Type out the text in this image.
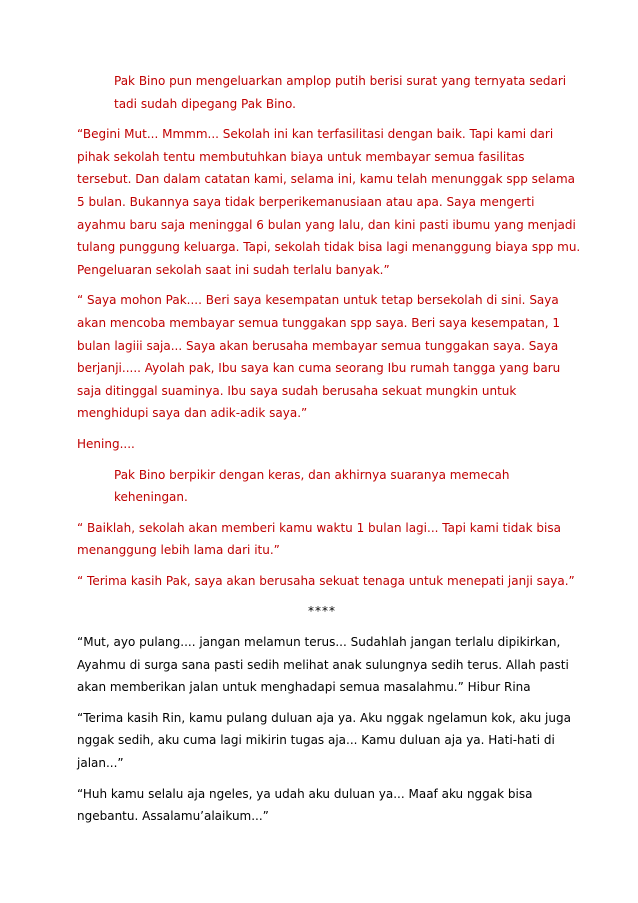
Pak Bino pun mengeluarkan amplop putih berisi surat yang ternyata sedari
tadi sudah dipegang Pak Bino.

“Begini Mut... Mmmm... Sekolah ini kan terfasilitasi dengan baik. Tapi kami dari
pihak sekolah tentu membutuhkan biaya untuk membayar semua fasilitas
tersebut. Dan dalam catatan kami, selama ini, kamu telah menunggak spp selama
5 bulan. Bukannya saya tidak berperikemanusiaan atau apa. Saya mengerti
ayahmu baru saja meninggal 6 bulan yang lalu, dan kini pasti ibumu yang menjadi
tulang punggung keluarga. Tapi, sekolah tidak bisa lagi menanggung biaya spp mu.
Pengeluaran sekolah saat ini sudah terlalu banyak.”

“ Saya mohon Pak.... Beri saya kesempatan untuk tetap bersekolah di sini. Saya
akan mencoba membayar semua tunggakan spp saya. Beri saya kesempatan, 1
bulan lagiii saja... Saya akan berusaha membayar semua tunggakan saya. Saya
berjanji..... Ayolah pak, Ibu saya kan cuma seorang Ibu rumah tangga yang baru
saja ditinggal suaminya. Ibu saya sudah berusaha sekuat mungkin untuk
menghidupi saya dan adik-adik saya.”

Hening....

Pak Bino berpikir dengan keras, dan akhirnya suaranya memecah
keheningan.

“ Baiklah, sekolah akan memberi kamu waktu 1 bulan lagi... Tapi kami tidak bisa
menanggung lebih lama dari itu.”

“ Terima kasih Pak, saya akan berusaha sekuat tenaga untuk menepati janji saya.”

****

“Mut, ayo pulang.... jangan melamun terus... Sudahlah jangan terlalu dipikirkan,
Ayahmu di surga sana pasti sedih melihat anak sulungnya sedih terus. Allah pasti
akan memberikan jalan untuk menghadapi semua masalahmu.” Hibur Rina

“Terima kasih Rin, kamu pulang duluan aja ya. Aku nggak ngelamun kok, aku juga
nggak sedih, aku cuma lagi mikirin tugas aja... Kamu duluan aja ya. Hati-hati di
jalan...”

“Huh kamu selalu aja ngeles, ya udah aku duluan ya... Maaf aku nggak bisa
ngebantu. Assalamu’alaikum...”
